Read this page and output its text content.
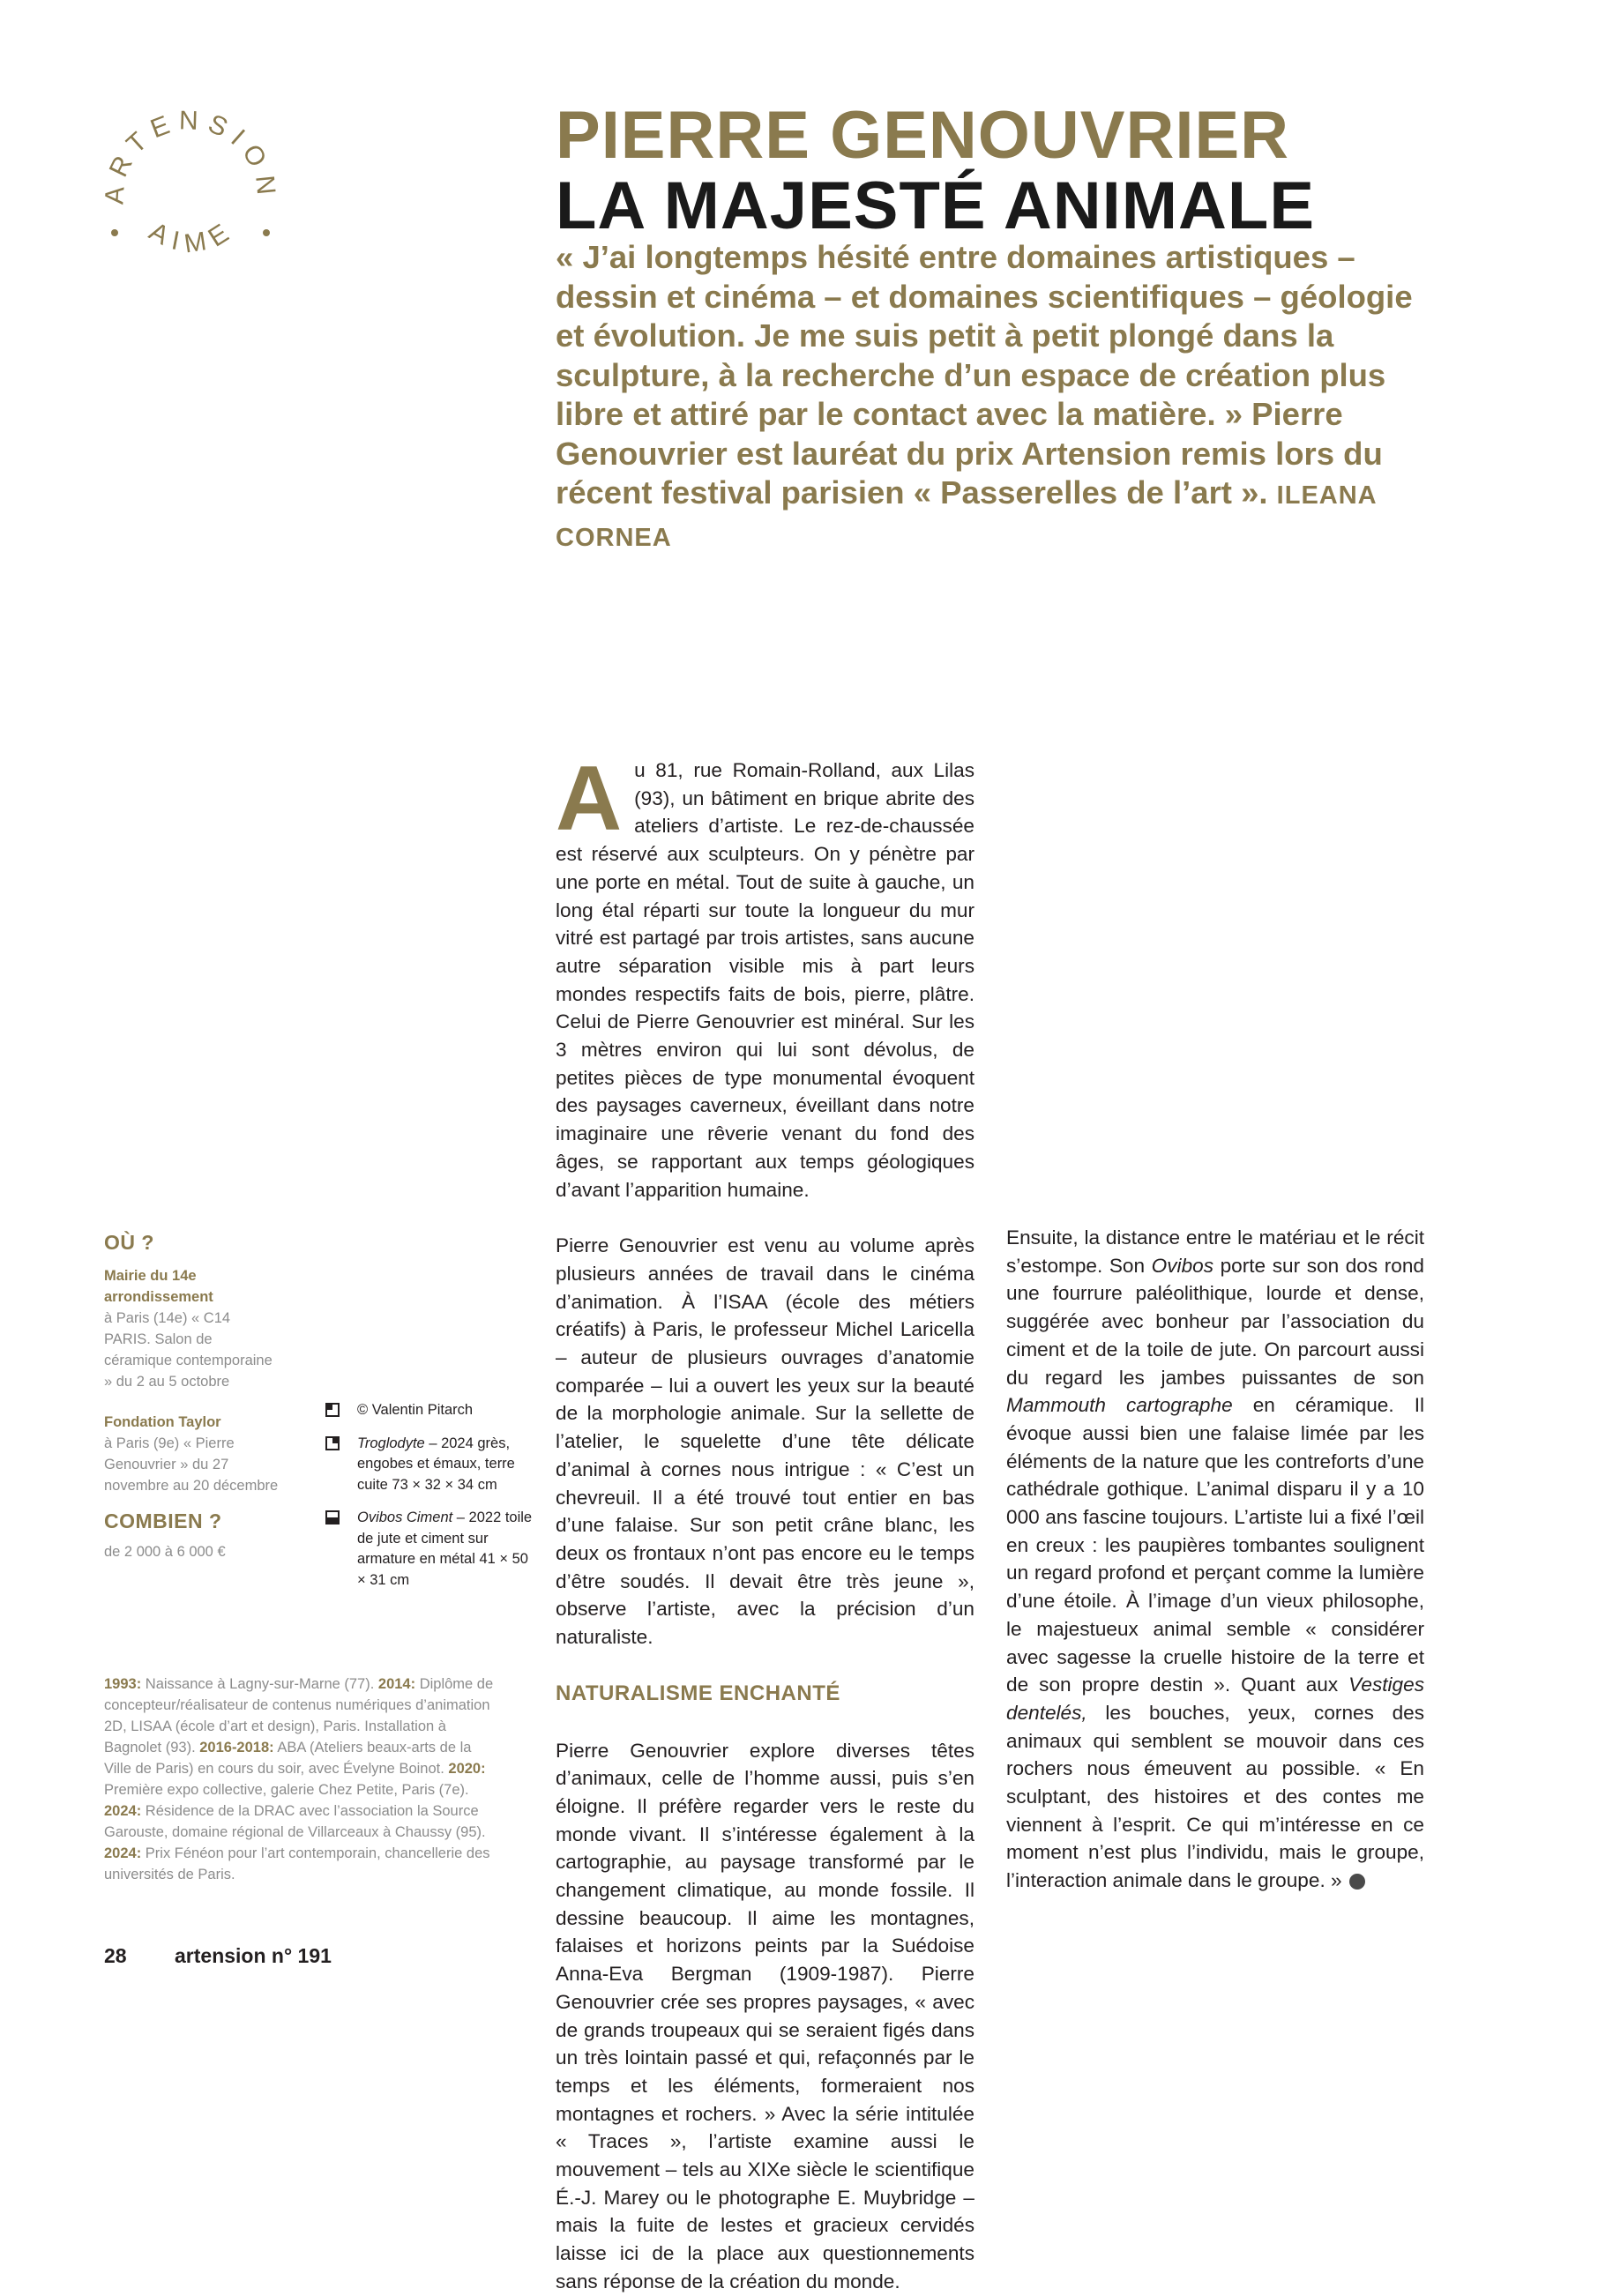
ARTENSION
AIME
PIERRE GENOUVRIER
LA MAJESTÉ ANIMALE
« J’ai longtemps hésité entre domaines artistiques – dessin et cinéma – et domaines scientifiques – géologie et évolution. Je me suis petit à petit plongé dans la sculpture, à la recherche d’un espace de création plus libre et attiré par le contact avec la matière. » Pierre Genouvrier est lauréat du prix Artension remis lors du récent festival parisien « Passerelles de l’art ». ILEANA CORNEA

Au 81, rue Romain-Rolland, aux Lilas (93), un bâtiment en brique abrite des ateliers d’artiste. Le rez-de-chaussée est réservé aux sculpteurs. On y pénètre par une porte en métal. Tout de suite à gauche, un long étal réparti sur toute la longueur du mur vitré est partagé par trois artistes, sans aucune autre séparation visible mis à part leurs mondes respectifs faits de bois, pierre, plâtre. Celui de Pierre Genouvrier est minéral. Sur les 3 mètres environ qui lui sont dévolus, de petites pièces de type monumental évoquent des paysages caverneux, éveillant dans notre imaginaire une rêverie venant du fond des âges, se rapportant aux temps géologiques d’avant l’apparition humaine.

Pierre Genouvrier est venu au volume après plusieurs années de travail dans le cinéma d’animation. À l’ISAA (école des métiers créatifs) à Paris, le professeur Michel Laricella – auteur de plusieurs ouvrages d’anatomie comparée – lui a ouvert les yeux sur la beauté de la morphologie animale. Sur la sellette de l’atelier, le squelette d’une tête délicate d’animal à cornes nous intrigue : « C’est un chevreuil. Il a été trouvé tout entier en bas d’une falaise. Sur son petit crâne blanc, les deux os frontaux n’ont pas encore eu le temps d’être soudés. Il devait être très jeune », observe l’artiste, avec la précision d’un naturaliste.

NATURALISME ENCHANTÉ

Pierre Genouvrier explore diverses têtes d’animaux, celle de l’homme aussi, puis s’en éloigne. Il préfère regarder vers le reste du monde vivant. Il s’intéresse également à la cartographie, au paysage transformé par le changement climatique, au monde fossile. Il dessine beaucoup. Il aime les montagnes, falaises et horizons peints par la Suédoise Anna-Eva Bergman (1909-1987). Pierre Genouvrier crée ses propres paysages, « avec de grands troupeaux qui se seraient figés dans un très lointain passé et qui, refaçonnés par le temps et les éléments, formeraient nos montagnes et rochers. » Avec la série intitulée « Traces », l’artiste examine aussi le mouvement – tels au XIXe siècle le scientifique É.-J. Marey ou le photographe E. Muybridge – mais la fuite de lestes et gracieux cervidés laisse ici de la place aux questionnements sans réponse de la création du monde.

Ensuite, la distance entre le matériau et le récit s’estompe. Son Ovibos porte sur son dos rond une fourrure paléolithique, lourde et dense, suggérée avec bonheur par l’association du ciment et de la toile de jute. On parcourt aussi du regard les jambes puissantes de son Mammouth cartographe en céramique. Il évoque aussi bien une falaise limée par les éléments de la nature que les contreforts d’une cathédrale gothique. L’animal disparu il y a 10 000 ans fascine toujours. L’artiste lui a fixé l’œil en creux : les paupières tombantes soulignent un regard profond et perçant comme la lumière d’une étoile. À l’image d’un vieux philosophe, le majestueux animal semble « considérer avec sagesse la cruelle histoire de la terre et de son propre destin ». Quant aux Vestiges dentelés, les bouches, yeux, cornes des animaux qui semblent se mouvoir dans ces rochers nous émeuvent au possible. « En sculptant, des histoires et des contes me viennent à l’esprit. Ce qui m’intéresse en ce moment n’est plus l’individu, mais le groupe, l’interaction animale dans le groupe. »

OÙ ?
Mairie du 14e arrondissement
à Paris (14e) « C14 PARIS. Salon de céramique contemporaine » du 2 au 5 octobre
Fondation Taylor
à Paris (9e) « Pierre Genouvrier » du 27 novembre au 20 décembre
COMBIEN ?
de 2 000 à 6 000 €
© Valentin Pitarch
Troglodyte – 2024 grès, engobes et émaux, terre cuite 73 × 32 × 34 cm
Ovibos Ciment – 2022 toile de jute et ciment sur armature en métal 41 × 50 × 31 cm
1993: Naissance à Lagny-sur-Marne (77). 2014: Diplôme de concepteur/réalisateur de contenus numériques d’animation 2D, LISAA (école d’art et design), Paris. Installation à Bagnolet (93). 2016-2018: ABA (Ateliers beaux-arts de la Ville de Paris) en cours du soir, avec Évelyne Boinot. 2020: Première expo collective, galerie Chez Petite, Paris (7e). 2024: Résidence de la DRAC avec l’association la Source Garouste, domaine régional de Villarceaux à Chaussy (95). 2024: Prix Fénéon pour l’art contemporain, chancellerie des universités de Paris.
28 artension n° 191
